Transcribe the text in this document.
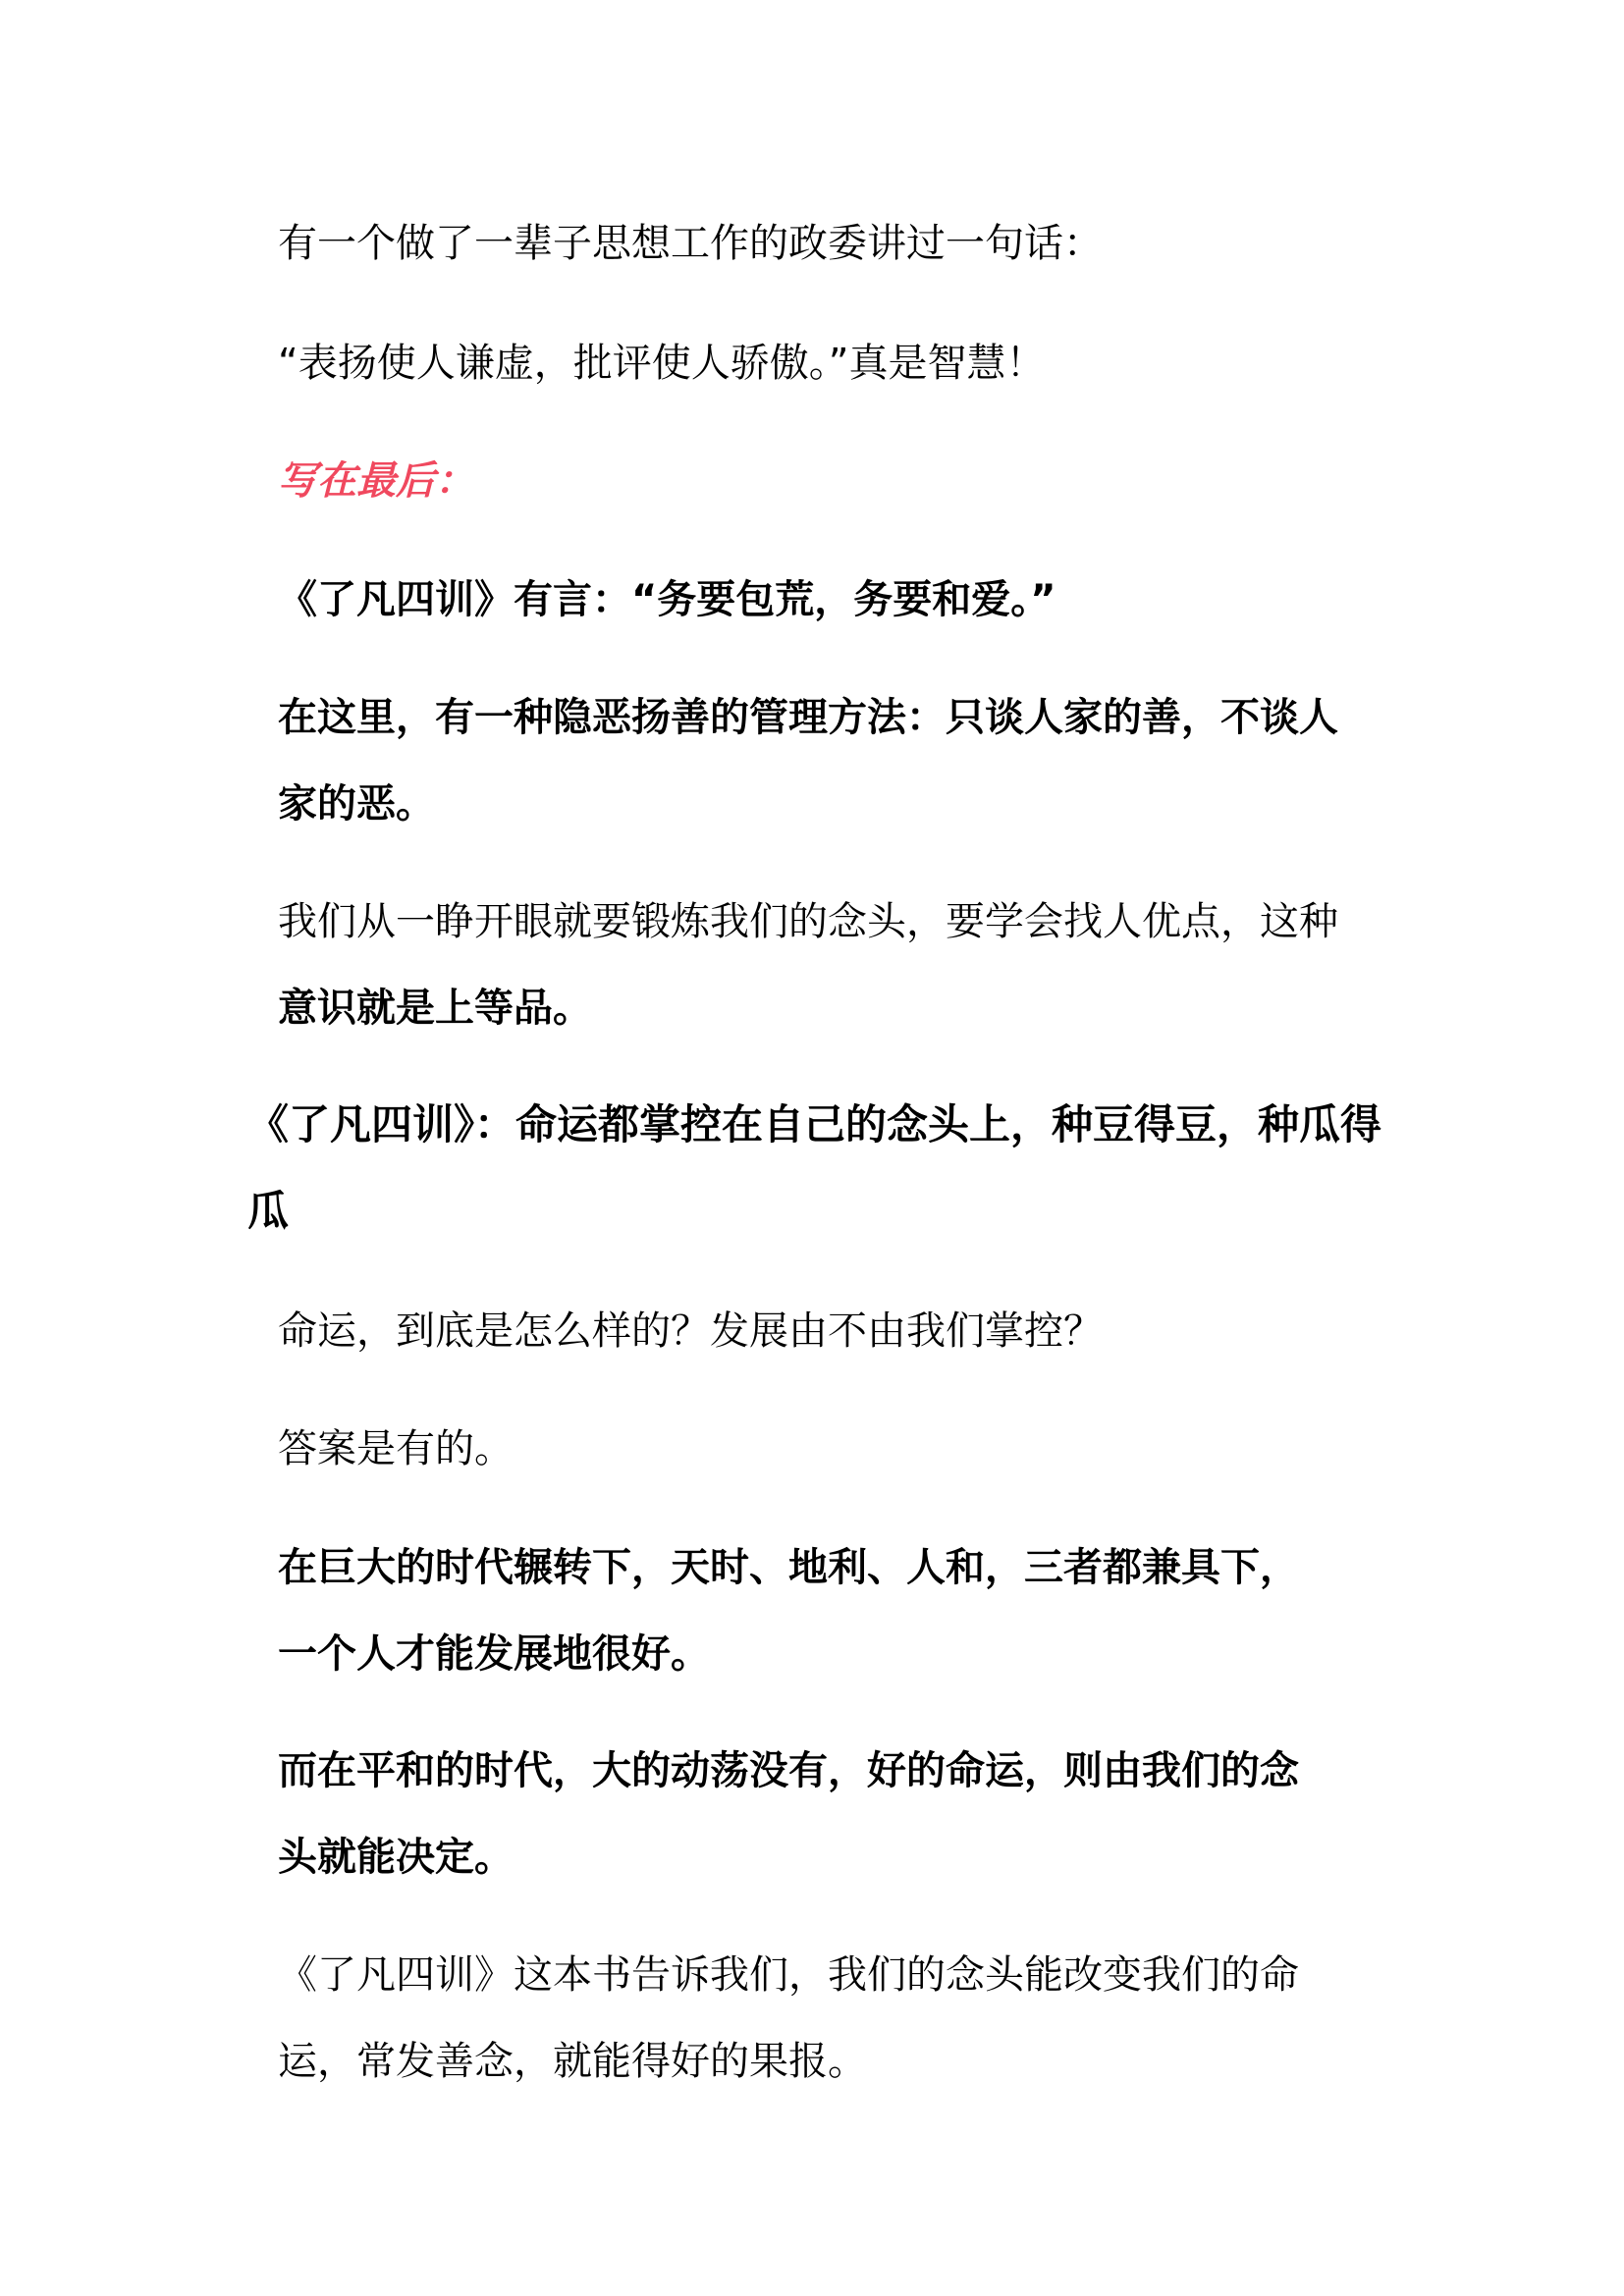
有一个做了一辈子思想工作的政委讲过一句话：

“表扬使人谦虚，批评使人骄傲。”真是智慧！

写在最后：

《了凡四训》有言：“务要包荒，务要和爱。”

在这里，有一种隐恶扬善的管理方法：只谈人家的善，不谈人
家的恶。

我们从一睁开眼就要锻炼我们的念头，要学会找人优点，这种
意识就是上等品。

《了凡四训》：命运都掌控在自己的念头上，种豆得豆，种瓜得
瓜

命运，到底是怎么样的？发展由不由我们掌控？

答案是有的。

在巨大的时代辗转下，天时、地利、人和，三者都兼具下，
一个人才能发展地很好。

而在平和的时代，大的动荡没有，好的命运，则由我们的念
头就能决定。

《了凡四训》这本书告诉我们，我们的念头能改变我们的命
运，常发善念，就能得好的果报。
